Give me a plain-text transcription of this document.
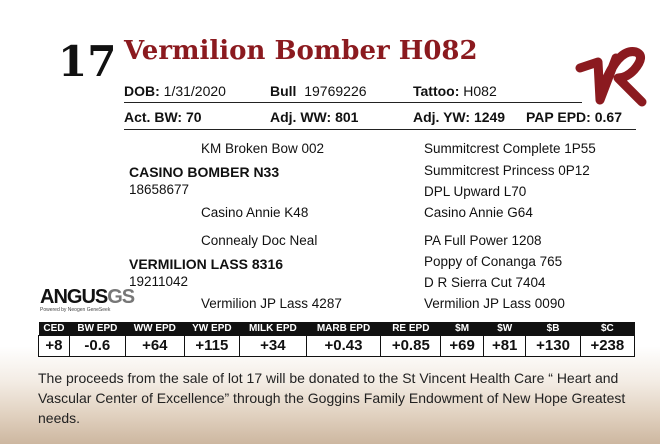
17 Vermilion Bomber H082
DOB: 1/31/2020	Bull 19769226	Tattoo: H082
Act. BW: 70	Adj. WW: 801	Adj. YW: 1249 PAP EPD: 0.67
KM Broken Bow 002
CASINO BOMBER N33
18658677
Casino Annie K48
Summitcrest Complete 1P55
Summitcrest Princess 0P12
DPL Upward L70
Casino Annie G64
Connealy Doc Neal
VERMILION LASS 8316
19211042
Vermilion JP Lass 4287
PA Full Power 1208
Poppy of Conanga 765
D R Sierra Cut 7404
Vermilion JP Lass 0090
ANGUSGS
Powered by Neogen GeneSeek
CED	BW EPD	WW EPD	YW EPD	MILK EPD	MARB EPD	RE EPD	$M	$W	$B	$C
+8	-0.6	+64	+115	+34	+0.43	+0.85	+69	+81	+130	+238
The proceeds from the sale of lot 17 will be donated to the St Vincent Health Care “ Heart and Vascular Center of Excellence” through the Goggins Family Endowment of New Hope Greatest needs.
